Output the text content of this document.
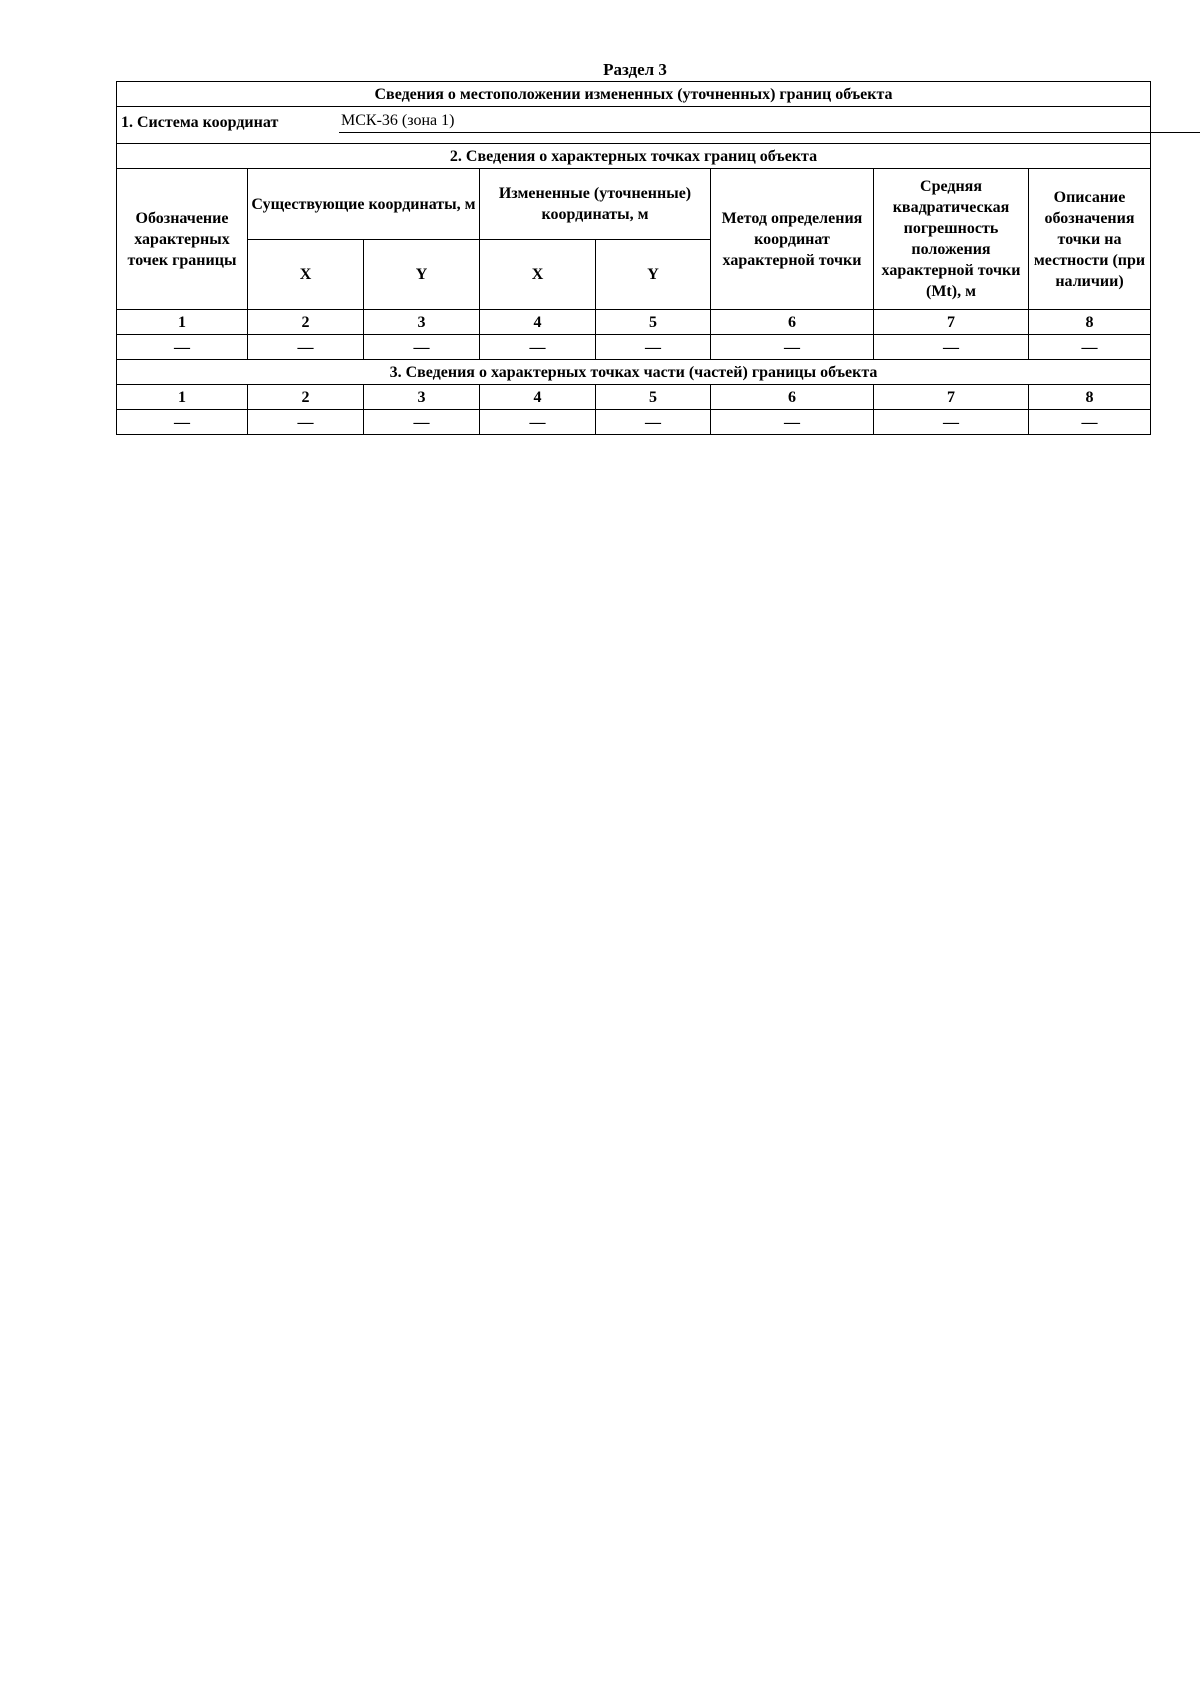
Раздел 3
Сведения о местоположении измененных (уточненных) границ объекта							

1. Система координат МСК-36 (зона 1)							

2. Сведения о характерных точках границ объекта							
Обозначение характерных точек границы	Существующие координаты, м		Измененные (уточненные) координаты, м		Метод определения координат характерной точки	Средняя квадратическая погрешность положения характерной точки (Mt), м	Описание обозначения точки на местности (при наличии)
	X	Y	X	Y			
1	2	3	4	5	6	7	8
—	—	—	—	—	—	—	—
3. Сведения о характерных точках части (частей) границы объекта							
1	2	3	4	5	6	7	8
—	—	—	—	—	—	—	—
